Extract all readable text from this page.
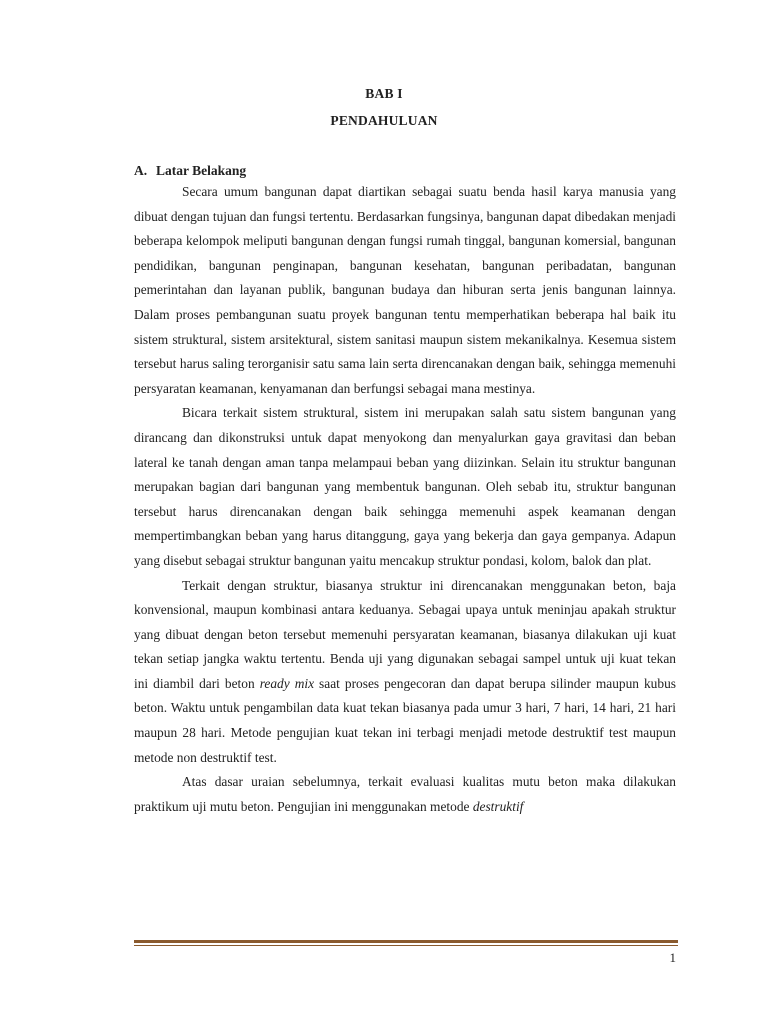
BAB I
PENDAHULUAN
A. Latar Belakang

Secara umum bangunan dapat diartikan sebagai suatu benda hasil karya manusia yang dibuat dengan tujuan dan fungsi tertentu. Berdasarkan fungsinya, bangunan dapat dibedakan menjadi beberapa kelompok meliputi bangunan dengan fungsi rumah tinggal, bangunan komersial, bangunan pendidikan, bangunan penginapan, bangunan kesehatan, bangunan peribadatan, bangunan pemerintahan dan layanan publik, bangunan budaya dan hiburan serta jenis bangunan lainnya. Dalam proses pembangunan suatu proyek bangunan tentu memperhatikan beberapa hal baik itu sistem struktural, sistem arsitektural, sistem sanitasi maupun sistem mekanikalnya. Kesemua sistem tersebut harus saling terorganisir satu sama lain serta direncanakan dengan baik, sehingga memenuhi persyaratan keamanan, kenyamanan dan berfungsi sebagai mana mestinya.

Bicara terkait sistem struktural, sistem ini merupakan salah satu sistem bangunan yang dirancang dan dikonstruksi untuk dapat menyokong dan menyalurkan gaya gravitasi dan beban lateral ke tanah dengan aman tanpa melampaui beban yang diizinkan. Selain itu struktur bangunan merupakan bagian dari bangunan yang membentuk bangunan. Oleh sebab itu, struktur bangunan tersebut harus direncanakan dengan baik sehingga memenuhi aspek keamanan dengan mempertimbangkan beban yang harus ditanggung, gaya yang bekerja dan gaya gempanya. Adapun yang disebut sebagai struktur bangunan yaitu mencakup struktur pondasi, kolom, balok dan plat.

Terkait dengan struktur, biasanya struktur ini direncanakan menggunakan beton, baja konvensional, maupun kombinasi antara keduanya. Sebagai upaya untuk meninjau apakah struktur yang dibuat dengan beton tersebut memenuhi persyaratan keamanan, biasanya dilakukan uji kuat tekan setiap jangka waktu tertentu. Benda uji yang digunakan sebagai sampel untuk uji kuat tekan ini diambil dari beton ready mix saat proses pengecoran dan dapat berupa silinder maupun kubus beton. Waktu untuk pengambilan data kuat tekan biasanya pada umur 3 hari, 7 hari, 14 hari, 21 hari maupun 28 hari. Metode pengujian kuat tekan ini terbagi menjadi metode destruktif test maupun metode non destruktif test.

Atas dasar uraian sebelumnya, terkait evaluasi kualitas mutu beton maka dilakukan praktikum uji mutu beton. Pengujian ini menggunakan metode destruktif

1
